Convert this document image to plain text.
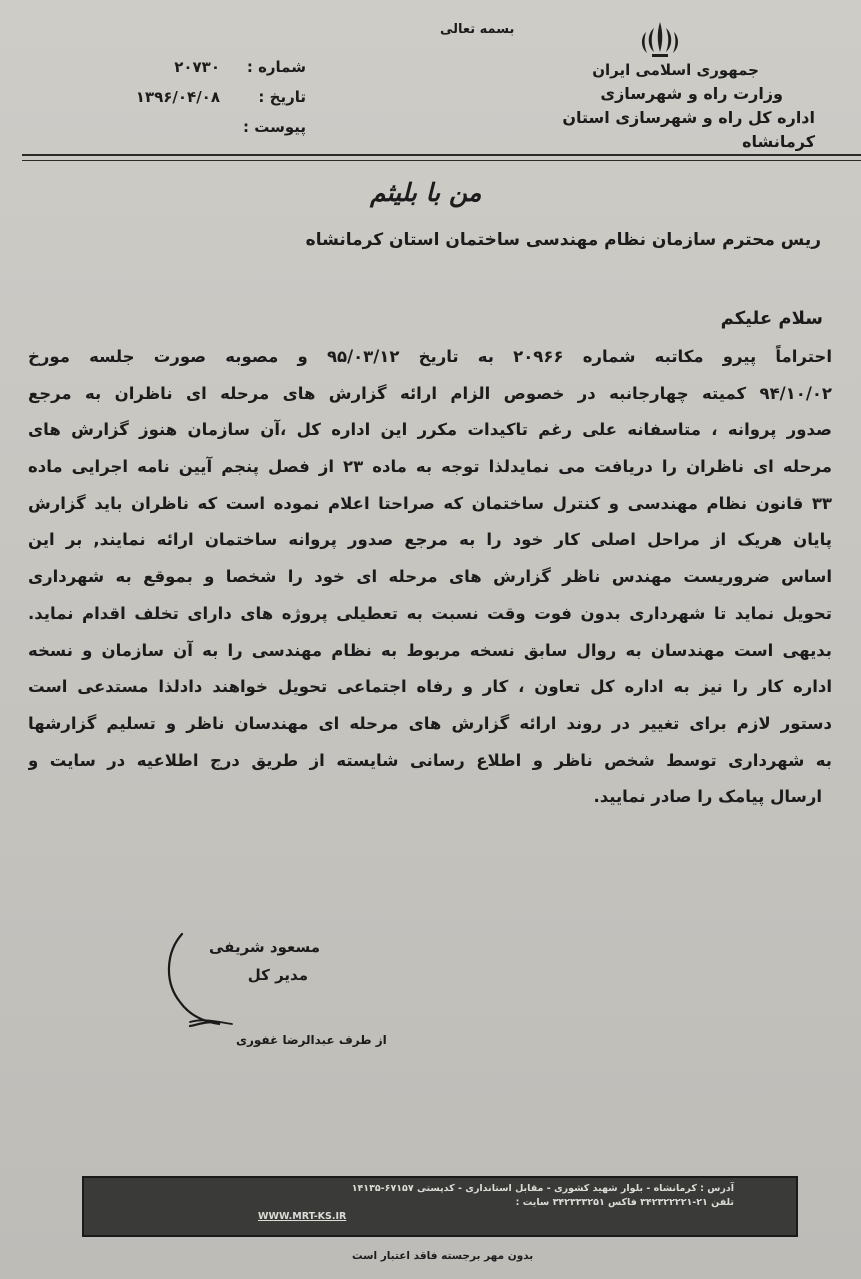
بسمه تعالی
جمهوری اسلامی ایران
وزارت راه و شهرسازی
اداره کل راه و شهرسازی استان کرمانشاه
شماره :
۲۰۷۳۰
تاریخ :
۱۳۹۶/۰۴/۰۸
پیوست :
من با بلیثم
ریس محترم سازمان نظام مهندسی ساختمان استان کرمانشاه
سلام علیکم
احتراماً پیرو مکاتبه شماره ۲۰۹۶۶ به تاریخ ۹۵/۰۳/۱۲ و مصوبه صورت جلسه مورخ
۹۴/۱۰/۰۲ کمیته چهارجانبه در خصوص الزام ارائه گزارش های مرحله ای ناظران به مرجع
صدور پروانه ، متاسفانه علی رغم تاکیدات مکرر این اداره کل ،آن سازمان هنوز گزارش های
مرحله ای ناظران را دریافت می نمایدلذا توجه به ماده ۲۳ از فصل پنجم آیین نامه اجرایی ماده
۳۳ قانون نظام مهندسی و کنترل ساختمان که صراحتا اعلام نموده است که ناظران باید گزارش
پایان هریک از مراحل اصلی کار خود را به مرجع صدور پروانه ساختمان ارائه نمایند, بر این
اساس ضروریست مهندس ناظر گزارش های مرحله ای خود را شخصا و بموقع به شهرداری
تحویل نماید تا شهرداری بدون فوت وقت نسبت به تعطیلی پروژه های دارای تخلف اقدام نماید.
بدیهی است مهندسان به روال سابق نسخه مربوط به نظام مهندسی را به آن سازمان و نسخه
اداره کار را نیز به اداره کل تعاون ، کار و رفاه اجتماعی تحویل خواهند دادلذا مستدعی است
دستور لازم برای تغییر در روند ارائه گزارش های مرحله ای مهندسان ناظر و تسلیم گزارشها
به شهرداری توسط شخص ناظر و اطلاع رسانی شایسته از طریق درج اطلاعیه در سایت و
ارسال پیامک را صادر نمایید.
مسعود شریفی
مدیر کل
از طرف عبدالرضا غفوری
آدرس : کرمانشاه - بلوار شهید کشوری - مقابل استانداری - کدپستی ۶۷۱۵۷-۱۴۱۳۵
تلفن ۲۱-۳۴۲۳۲۲۲۲۱ فاکس ۳۴۲۳۳۳۲۵۱ سایت :
WWW.MRT-KS.IR
بدون مهر برجسته فاقد اعتبار است
